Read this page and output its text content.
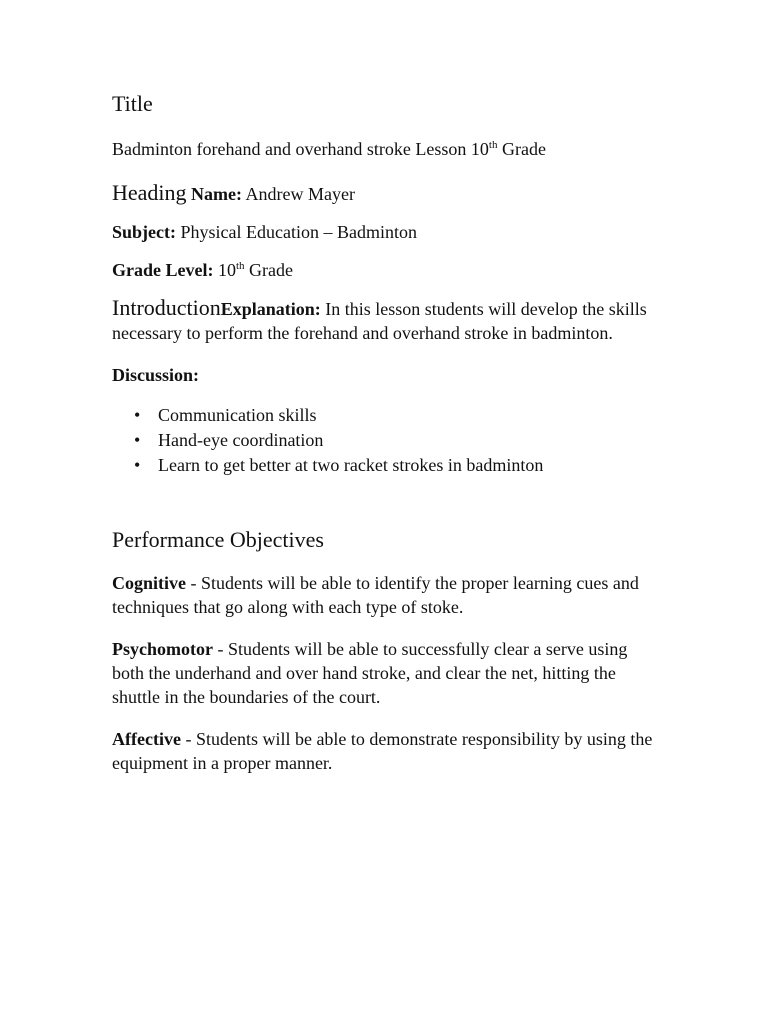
Title

Badminton forehand and overhand stroke Lesson 10th Grade

Heading Name: Andrew Mayer

Subject: Physical Education – Badminton

Grade Level: 10th Grade

IntroductionExplanation: In this lesson students will develop the skills necessary to perform the forehand and overhand stroke in badminton.

Discussion:

• Communication skills
• Hand-eye coordination
• Learn to get better at two racket strokes in badminton
Performance Objectives

Cognitive - Students will be able to identify the proper learning cues and techniques that go along with each type of stoke.

Psychomotor - Students will be able to successfully clear a serve using both the underhand and over hand stroke, and clear the net, hitting the shuttle in the boundaries of the court.

Affective - Students will be able to demonstrate responsibility by using the equipment in a proper manner.
